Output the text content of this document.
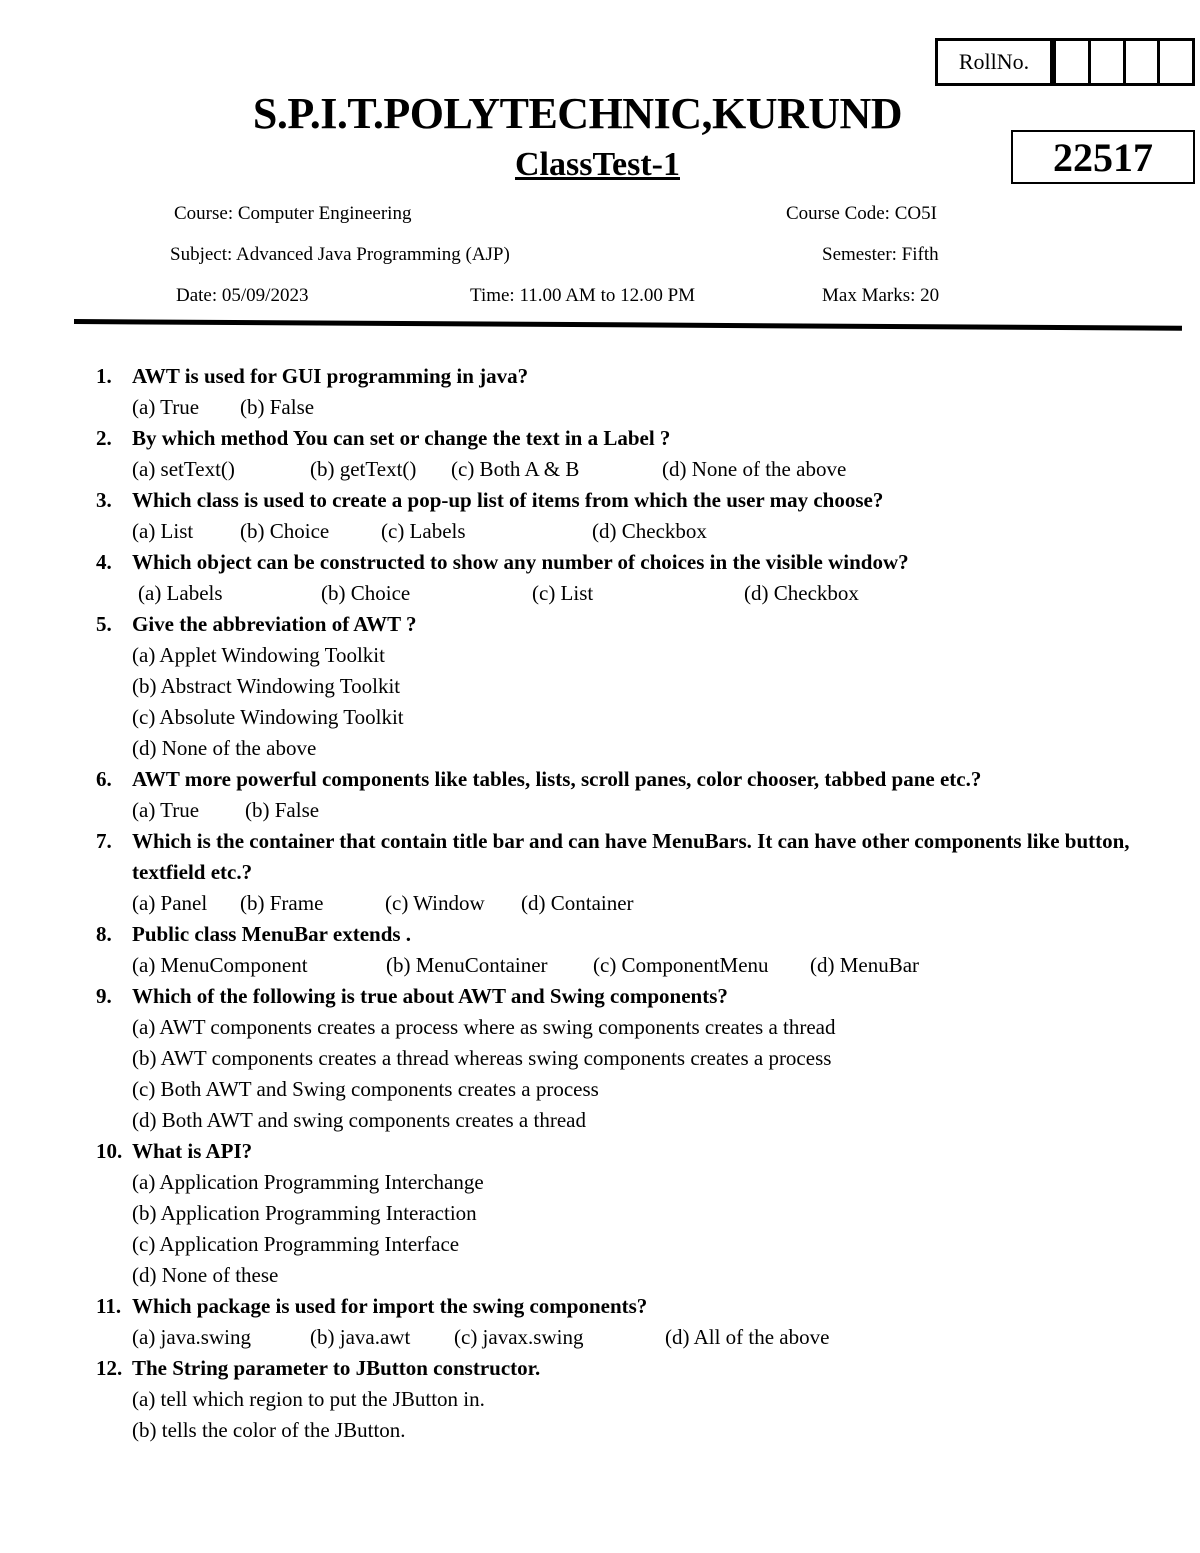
RollNo.
S.P.I.T.POLYTECHNIC,KURUND
ClassTest-1	22517
Course: Computer Engineering	Course Code: CO5I
Subject: Advanced Java Programming (AJP)	Semester: Fifth
Date: 05/09/2023	Time: 11.00 AM to 12.00 PM	Max Marks: 20
1. AWT is used for GUI programming in java?
(a) True	(b) False
2. By which method You can set or change the text in a Label ?
(a) setText()	(b) getText()	(c) Both A & B	(d) None of the above
3. Which class is used to create a pop-up list of items from which the user may choose?
(a) List	(b) Choice	(c) Labels	(d) Checkbox
4. Which object can be constructed to show any number of choices in the visible window?
(a) Labels	(b) Choice	(c) List	(d) Checkbox
5. Give the abbreviation of AWT ?
(a) Applet Windowing Toolkit
(b) Abstract Windowing Toolkit
(c) Absolute Windowing Toolkit
(d) None of the above
6. AWT more powerful components like tables, lists, scroll panes, color chooser, tabbed pane etc.?
(a) True	(b) False
7. Which is the container that contain title bar and can have MenuBars. It can have other components like button, textfield etc.?
(a) Panel	(b) Frame	(c) Window	(d) Container
8. Public class MenuBar extends .
(a) MenuComponent	(b) MenuContainer	(c) ComponentMenu	(d) MenuBar
9. Which of the following is true about AWT and Swing components?
(a) AWT components creates a process where as swing components creates a thread
(b) AWT components creates a thread whereas swing components creates a process
(c) Both AWT and Swing components creates a process
(d) Both AWT and swing components creates a thread
10. What is API?
(a) Application Programming Interchange
(b) Application Programming Interaction
(c) Application Programming Interface
(d) None of these
11. Which package is used for import the swing components?
(a) java.swing	(b) java.awt	(c) javax.swing	(d) All of the above
12. The String parameter to JButton constructor.
(a) tell which region to put the JButton in.
(b) tells the color of the JButton.
